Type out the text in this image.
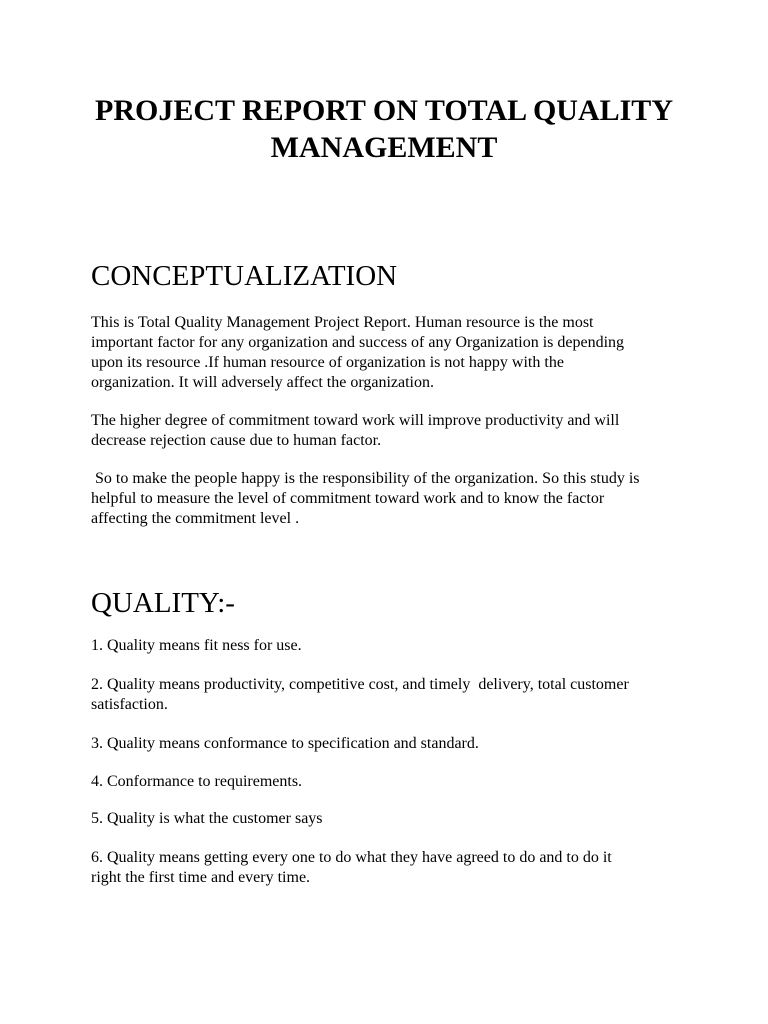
PROJECT REPORT ON TOTAL QUALITY
MANAGEMENT
CONCEPTUALIZATION

This is Total Quality Management Project Report. Human resource is the most
important factor for any organization and success of any Organization is depending
upon its resource .If human resource of organization is not happy with the
organization. It will adversely affect the organization.

The higher degree of commitment toward work will improve productivity and will
decrease rejection cause due to human factor.

So to make the people happy is the responsibility of the organization. So this study is
helpful to measure the level of commitment toward work and to know the factor
affecting the commitment level .

QUALITY:-

1. Quality means fit ness for use.

2. Quality means productivity, competitive cost, and timely  delivery, total customer
satisfaction.

3. Quality means conformance to specification and standard.

4. Conformance to requirements.

5. Quality is what the customer says

6. Quality means getting every one to do what they have agreed to do and to do it
right the first time and every time.
